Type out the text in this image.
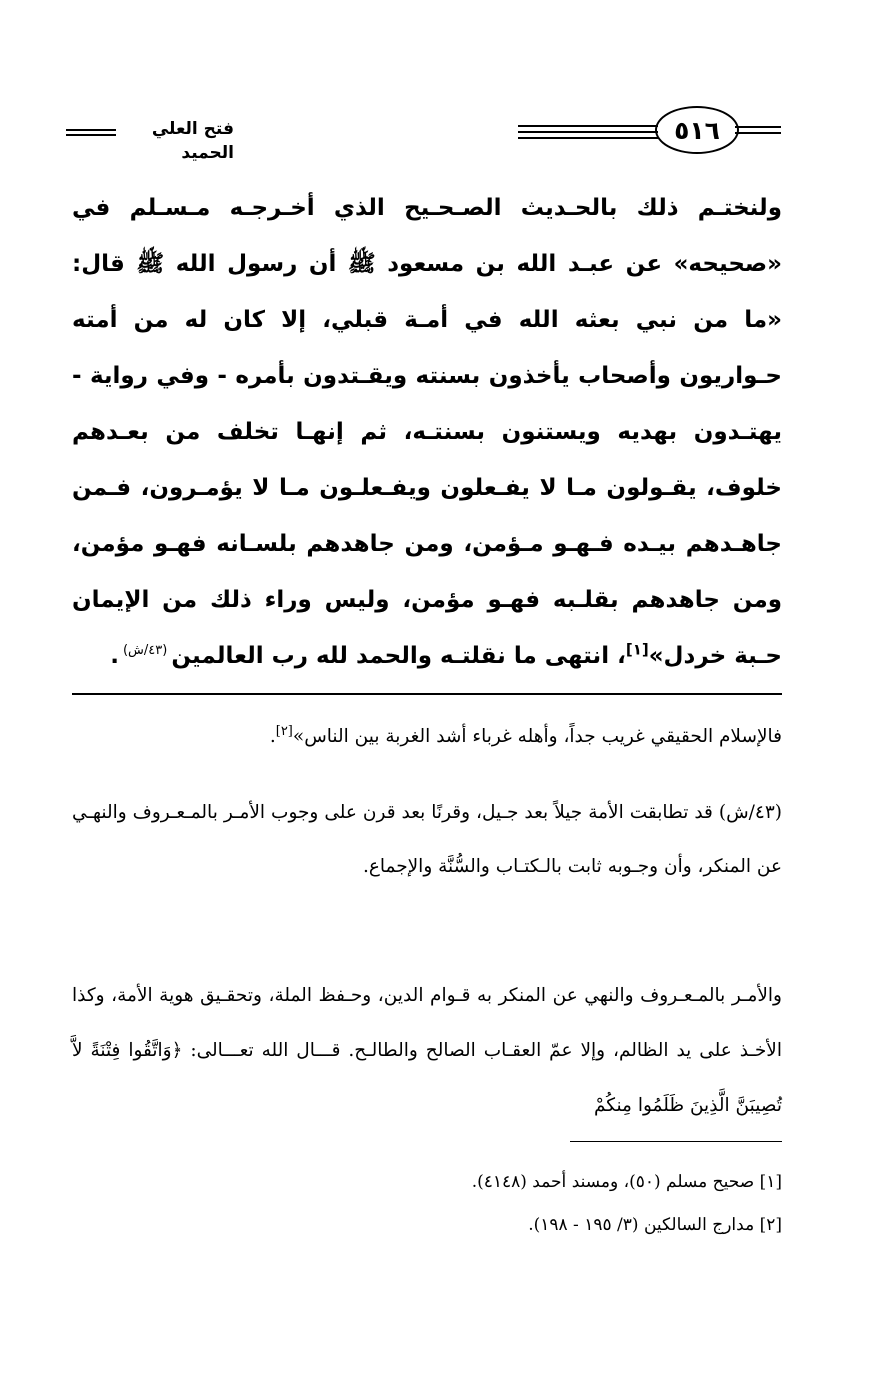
فتح العلي الحميد
٥١٦
ولنختـم ذلك بالحـديث الصـحـيح الذي أخـرجـه مـسـلم في «صحيحه» عن عبـد الله بن مسعود ﷺ أن رسول الله ﷺ قال: «ما من نبي بعثه الله في أمـة قبلي، إلا كان له من أمته حـواريون وأصحاب يأخذون بسنته ويقـتدون بأمره - وفي رواية - يهتـدون بهديه ويستنون بسنتـه، ثم إنهـا تخلف من بعـدهم خلوف، يقـولون مـا لا يفـعلون ويفـعلـون مـا لا يؤمـرون، فـمن جاهـدهم بيـده فـهـو مـؤمن، ومن جاهدهم بلسـانه فهـو مؤمن، ومن جاهدهم بقلـبه فهـو مؤمن، وليس وراء ذلك من الإيمان حـبة خردل»[١]، انتهى ما نقلتـه والحمد لله رب العالمين$^{(٤٣/ش)}$.

فالإسلام الحقيقي غريب جداً، وأهله غرباء أشد الغربة بين الناس»[٢].

(٤٣/ش) قد تطابقت الأمة جيلاً بعد جـيل، وقرنًا بعد قرن على وجوب الأمـر بالمـعـروف والنهـي عن المنكر، وأن وجـوبه ثابت بالـكتـاب والسُّنَّة والإجماع.

والأمـر بالمـعـروف والنهي عن المنكر به قـوام الدين، وحـفظ الملة، وتحقـيق هوية الأمة، وكذا الأخـذ على يد الظالم، وإلا عمّ العقـاب الصالح والطالـح. قـــال الله تعـــالى: ﴿وَاتَّقُوا فِتْنَةً لاَّ تُصِيبَنَّ الَّذِينَ ظَلَمُوا مِنكُمْ

[١] صحيح مسلم (٥٠)، ومسند أحمد (٤١٤٨).
[٢] مدارج السالكين (٣/ ١٩٥ - ١٩٨).
